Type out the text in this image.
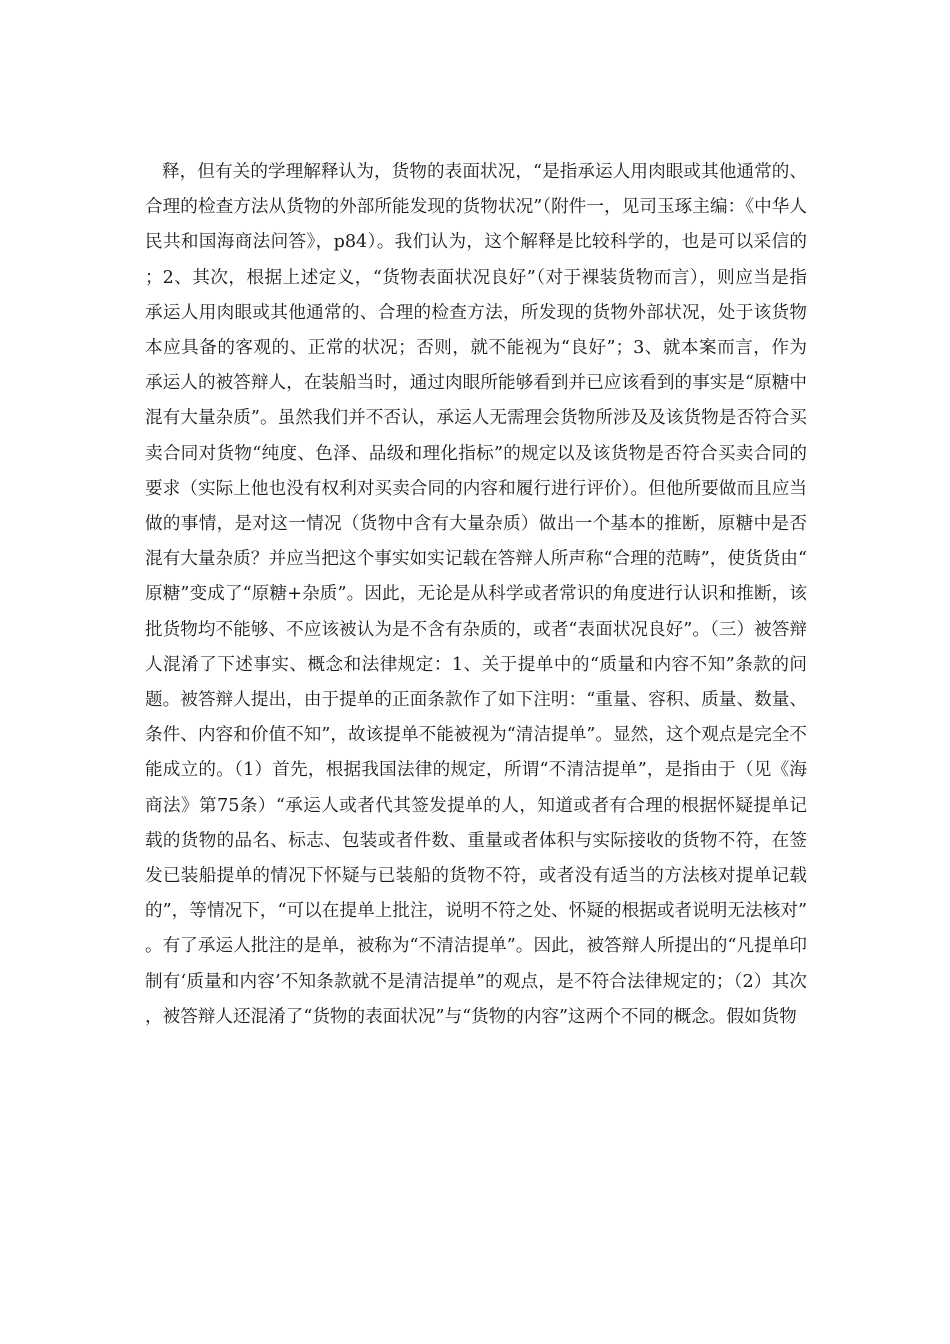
释，但有关的学理解释认为，货物的表面状况，“是指承运人用肉眼或其他通常的、合理的检查方法从货物的外部所能发现的货物状况”（附件一，见司玉琢主编：《中华人民共和国海商法问答》，p84）。我们认为，这个解释是比较科学的，也是可以采信的；2、其次，根据上述定义，“货物表面状况良好”（对于裸装货物而言），则应当是指承运人用肉眼或其他通常的、合理的检查方法，所发现的货物外部状况，处于该货物本应具备的客观的、正常的状况；否则，就不能视为“良好”；3、就本案而言，作为承运人的被答辩人，在装船当时，通过肉眼所能够看到并已应该看到的事实是“原糖中混有大量杂质”。虽然我们并不否认，承运人无需理会货物所涉及及该货物是否符合买卖合同对货物“纯度、色泽、品级和理化指标”的规定以及该货物是否符合买卖合同的要求（实际上他也没有权利对买卖合同的内容和履行进行评价）。但他所要做而且应当做的事情，是对这一情况（货物中含有大量杂质）做出一个基本的推断，原糖中是否混有大量杂质？并应当把这个事实如实记载在答辩人所声称“合理的范畴”，使货货由“原糖”变成了“原糖+杂质”。因此，无论是从科学或者常识的角度进行认识和推断，该批货物均不能够、不应该被认为是不含有杂质的，或者“表面状况良好”。（三）被答辩人混淆了下述事实、概念和法律规定：1、关于提单中的“质量和内容不知”条款的问题。被答辩人提出，由于提单的正面条款作了如下注明：“重量、容积、质量、数量、条件、内容和价值不知”，故该提单不能被视为“清洁提单”。显然，这个观点是完全不能成立的。（1）首先，根据我国法律的规定，所谓“不清洁提单”，是指由于（见《海商法》第75条）“承运人或者代其签发提单的人，知道或者有合理的根据怀疑提单记载的货物的品名、标志、包装或者件数、重量或者体积与实际接收的货物不符，在签发已装船提单的情况下怀疑与已装船的货物不符，或者没有适当的方法核对提单记载的”，等情况下，“可以在提单上批注，说明不符之处、怀疑的根据或者说明无法核对”。有了承运人批注的是单，被称为“不清洁提单”。因此，被答辩人所提出的“凡提单印制有‘质量和内容’不知条款就不是清洁提单”的观点，是不符合法律规定的；（2）其次，被答辩人还混淆了“货物的表面状况”与“货物的内容”这两个不同的概念。假如货物
